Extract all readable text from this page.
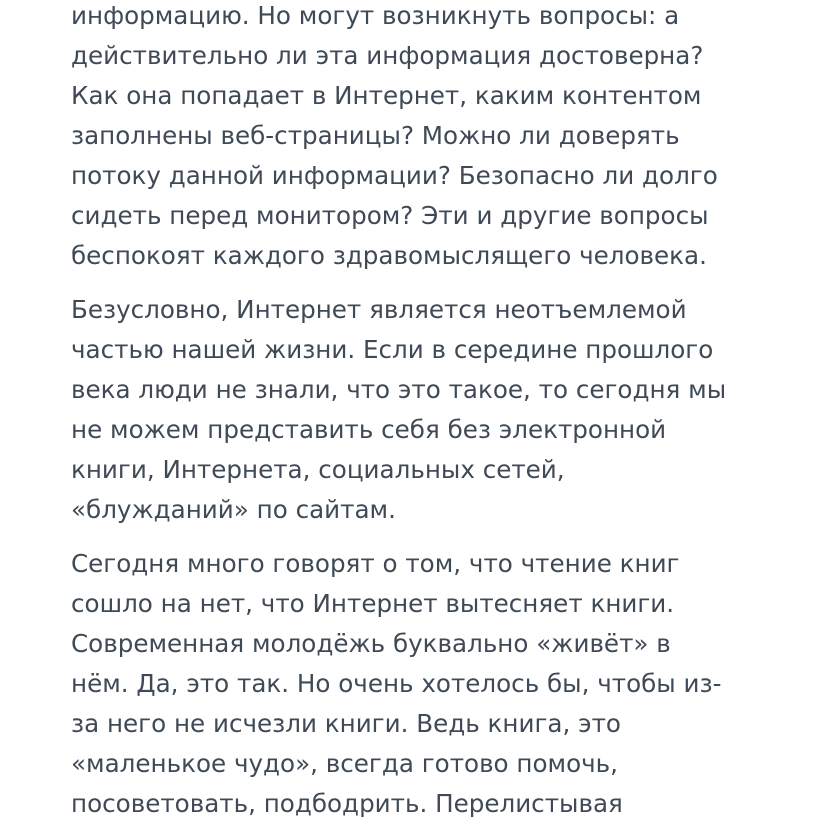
информацию. Но могут возникнуть вопросы: а
действительно ли эта информация достоверна?
Как она попадает в Интернет, каким контентом
заполнены веб-страницы? Можно ли доверять
потоку данной информации? Безопасно ли долго
сидеть перед монитором? Эти и другие вопросы
беспокоят каждого здравомыслящего человека.

Безусловно, Интернет является неотъемлемой
частью нашей жизни. Если в середине прошлого
века люди не знали, что это такое, то сегодня мы
не можем представить себя без электронной
книги, Интернета, социальных сетей,
«блужданий» по сайтам.

Сегодня много говорят о том, что чтение книг
сошло на нет, что Интернет вытесняет книги.
Современная молодёжь буквально «живёт» в
нём. Да, это так. Но очень хотелось бы, чтобы из-
за него не исчезли книги. Ведь книга, это
«маленькое чудо», всегда готово помочь,
посоветовать, подбодрить. Перелистывая
